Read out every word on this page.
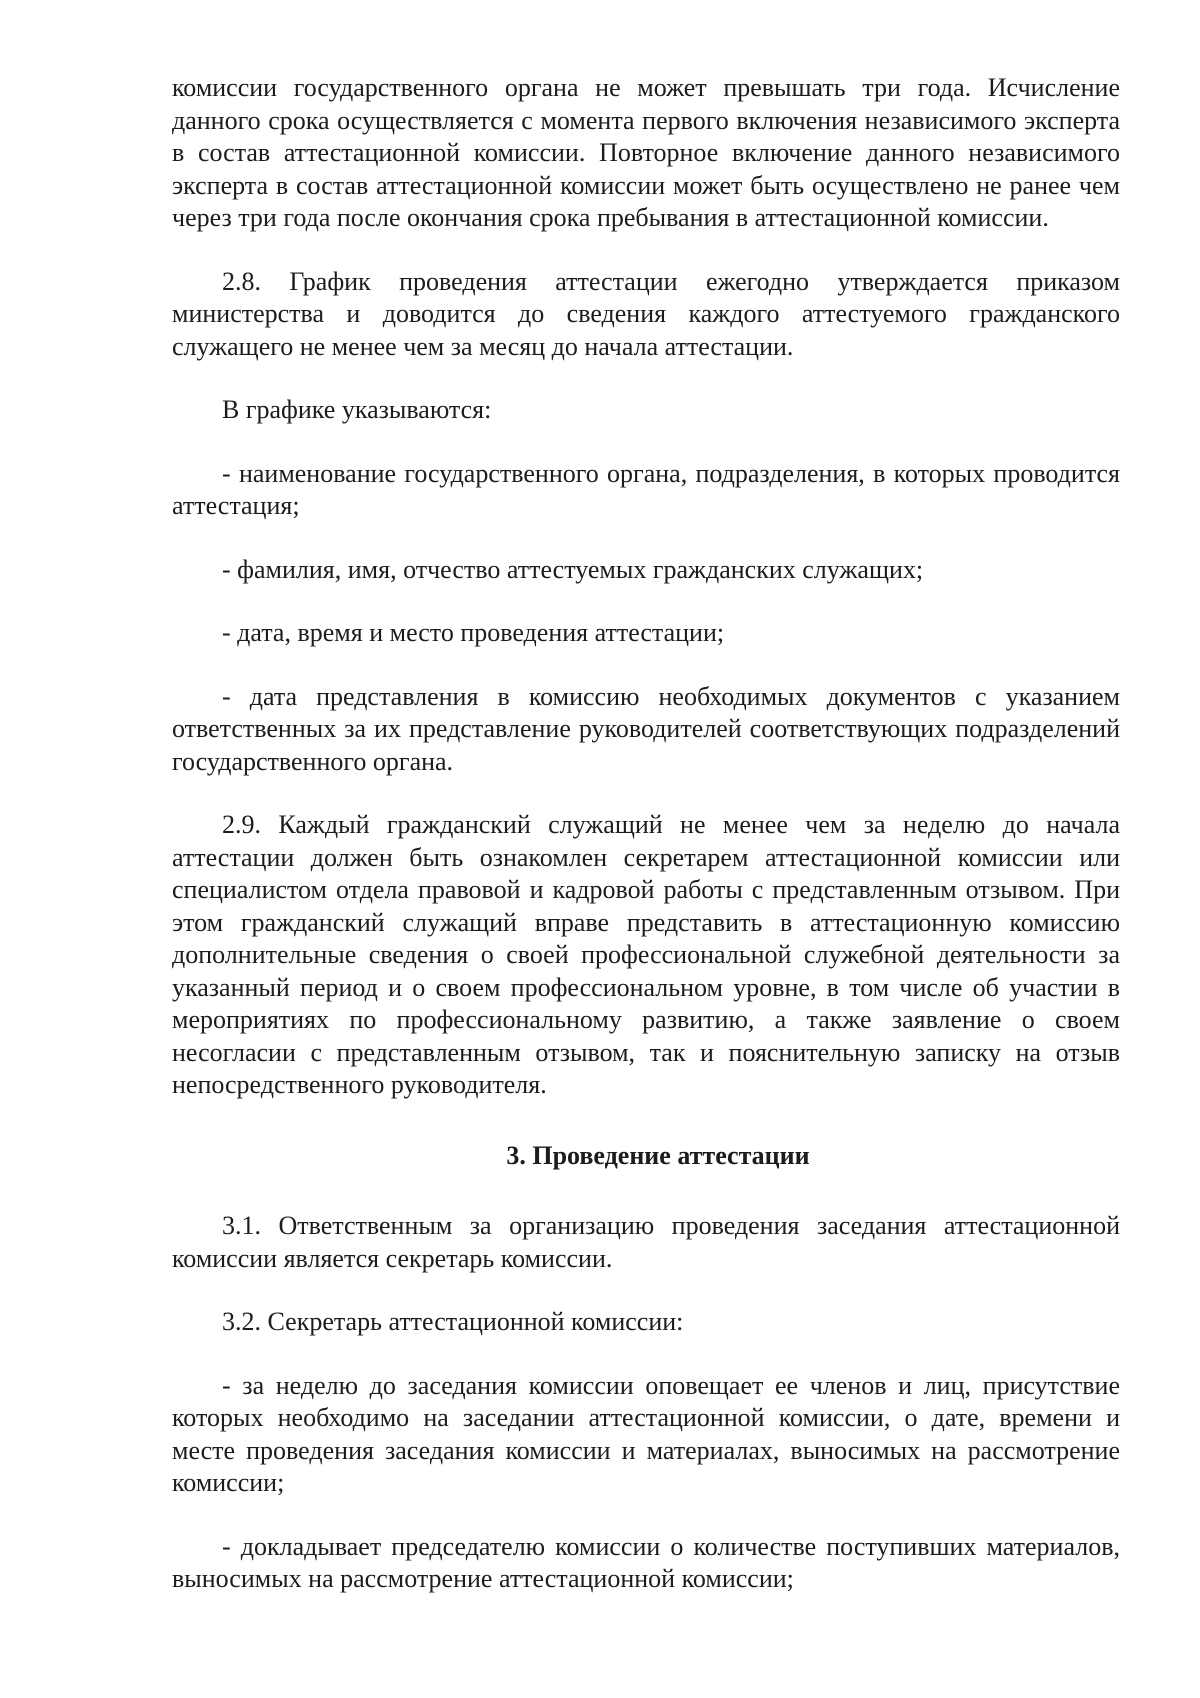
комиссии государственного органа не может превышать три года. Исчисление данного срока осуществляется с момента первого включения независимого эксперта в состав аттестационной комиссии. Повторное включение данного независимого эксперта в состав аттестационной комиссии может быть осуществлено не ранее чем через три года после окончания срока пребывания в аттестационной комиссии.

2.8. График проведения аттестации ежегодно утверждается приказом министерства и доводится до сведения каждого аттестуемого гражданского служащего не менее чем за месяц до начала аттестации.

В графике указываются:

- наименование государственного органа, подразделения, в которых проводится аттестация;

- фамилия, имя, отчество аттестуемых гражданских служащих;

- дата, время и место проведения аттестации;

- дата представления в комиссию необходимых документов с указанием ответственных за их представление руководителей соответствующих подразделений государственного органа.

2.9. Каждый гражданский служащий не менее чем за неделю до начала аттестации должен быть ознакомлен секретарем аттестационной комиссии или специалистом отдела правовой и кадровой работы с представленным отзывом. При этом гражданский служащий вправе представить в аттестационную комиссию дополнительные сведения о своей профессиональной служебной деятельности за указанный период и о своем профессиональном уровне, в том числе об участии в мероприятиях по профессиональному развитию, а также заявление о своем несогласии с представленным отзывом, так и пояснительную записку на отзыв непосредственного руководителя.

3. Проведение аттестации

3.1. Ответственным за организацию проведения заседания аттестационной комиссии является секретарь комиссии.

3.2. Секретарь аттестационной комиссии:

- за неделю до заседания комиссии оповещает ее членов и лиц, присутствие которых необходимо на заседании аттестационной комиссии, о дате, времени и месте проведения заседания комиссии и материалах, выносимых на рассмотрение комиссии;

- докладывает председателю комиссии о количестве поступивших материалов, выносимых на рассмотрение аттестационной комиссии;
